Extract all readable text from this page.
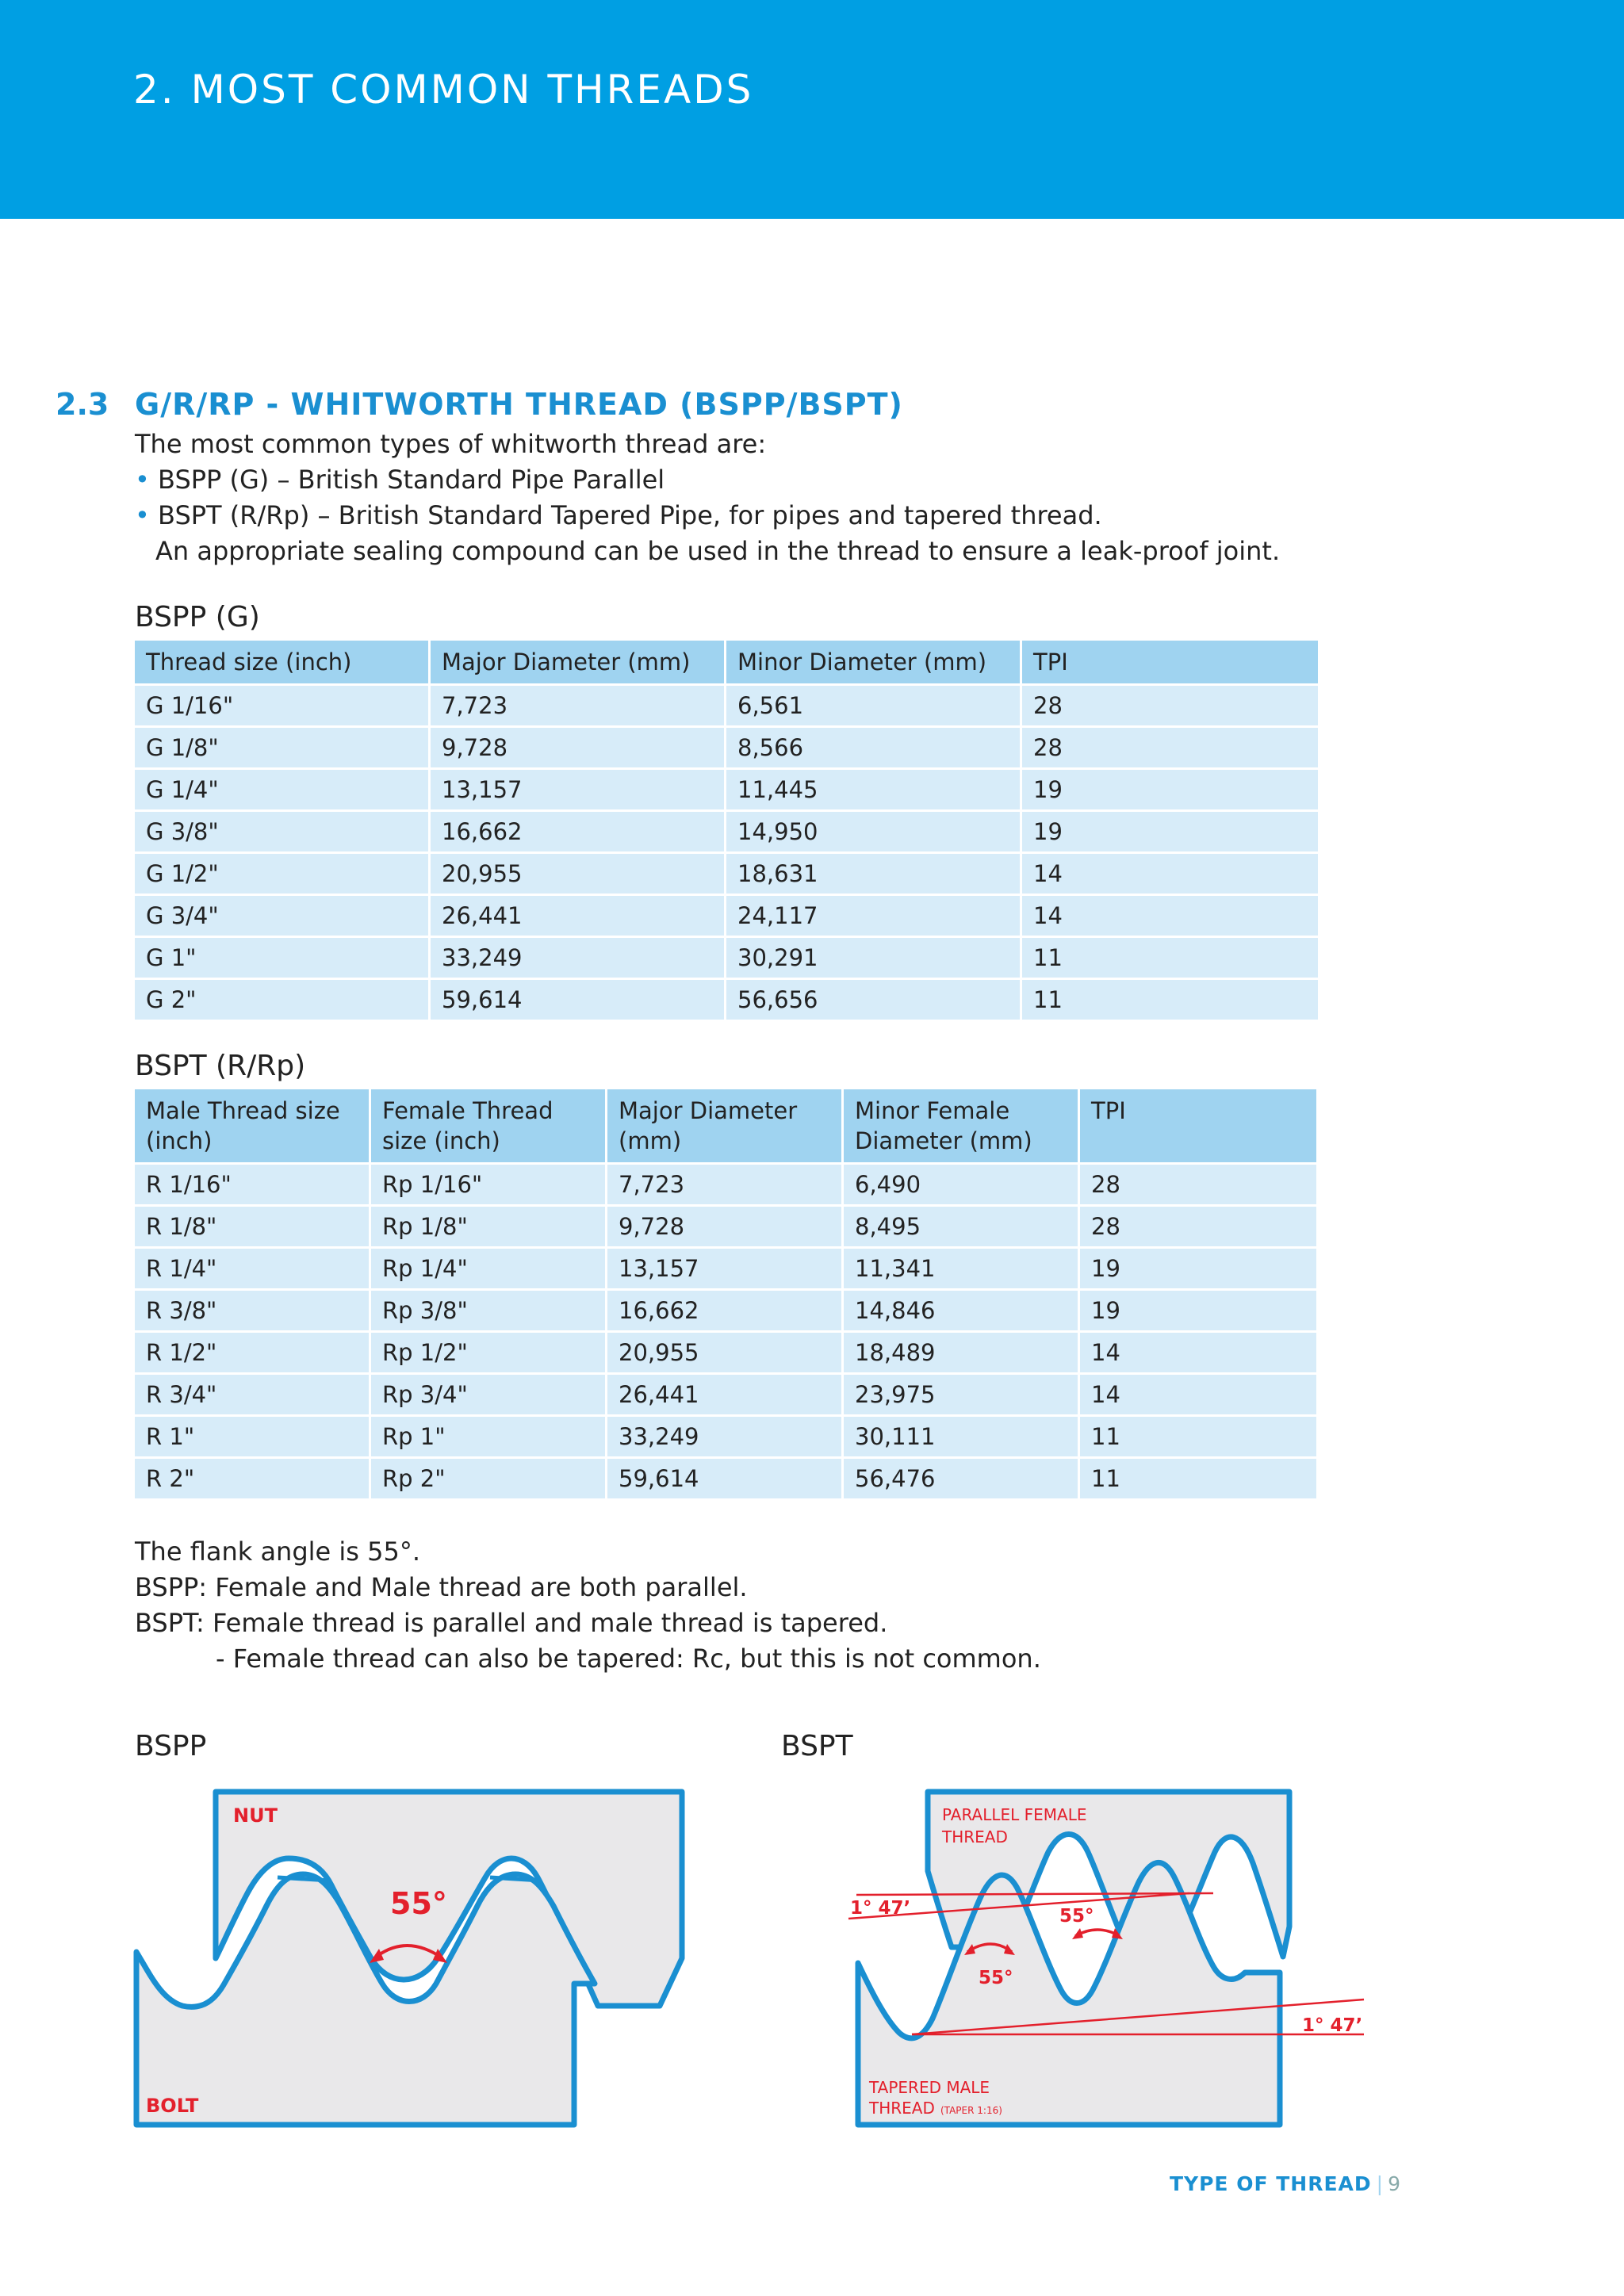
2. MOST COMMON THREADS
2.3 G/R/RP - WHITWORTH THREAD (BSPP/BSPT)

The most common types of whitworth thread are:

• BSPP (G) – British Standard Pipe Parallel

• BSPT (R/Rp) – British Standard Tapered Pipe, for pipes and tapered thread.

An appropriate sealing compound can be used in the thread to ensure a leak-proof joint.

BSPP (G)
Thread size (inch)	Major Diameter (mm)	Minor Diameter (mm)	TPI
G 1/16"	7,723	6,561	28
G 1/8"	9,728	8,566	28
G 1/4"	13,157	11,445	19
G 3/8"	16,662	14,950	19
G 1/2"	20,955	18,631	14
G 3/4"	26,441	24,117	14
G 1"	33,249	30,291	11
G 2"	59,614	56,656	11
BSPT (R/Rp)
Male Thread size (inch)	Female Thread size (inch)	Major Diameter (mm)	Minor Female Diameter (mm)	TPI
R 1/16"	Rp 1/16"	7,723	6,490	28
R 1/8"	Rp 1/8"	9,728	8,495	28
R 1/4"	Rp 1/4"	13,157	11,341	19
R 3/8"	Rp 3/8"	16,662	14,846	19
R 1/2"	Rp 1/2"	20,955	18,489	14
R 3/4"	Rp 3/4"	26,441	23,975	14
R 1"	Rp 1"	33,249	30,111	11
R 2"	Rp 2"	59,614	56,476	11

The flank angle is 55°.

BSPP: Female and Male thread are both parallel.

BSPT: Female thread is parallel and male thread is tapered.

- Female thread can also be tapered: Rc, but this is not common.

BSPP	BSPT
55°
NUT
BOLT
PARALLEL FEMALE
THREAD
1° 47’	55°
55°
1° 47’
TAPERED MALE
THREAD (TAPER 1:16)
TYPE OF THREAD | 9
